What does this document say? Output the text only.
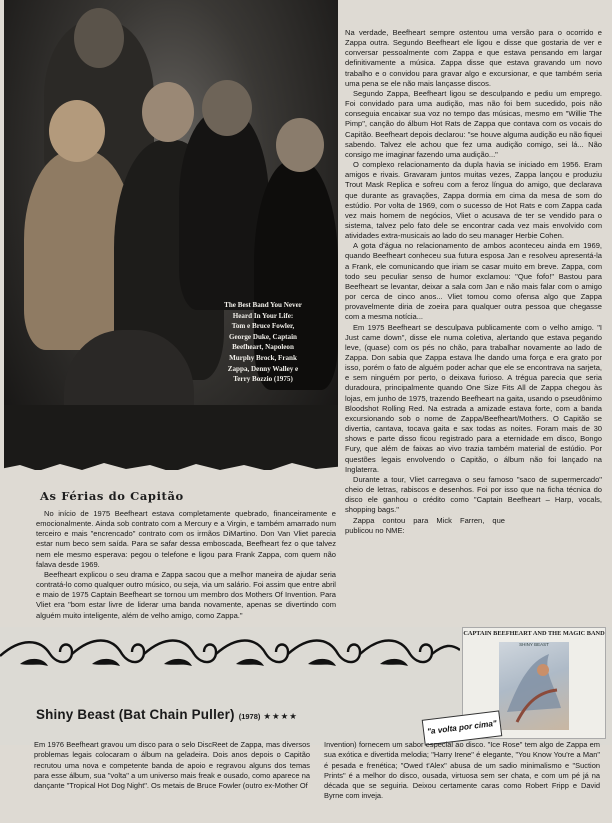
The Best Band You Never
Heard In Your Life:
Tom e Bruce Fowler,
George Duke, Captain
Beefheart, Napoleon
Murphy Brock, Frank
Zappa, Denny Walley e
Terry Bozzio (1975)

Na verdade, Beefheart sempre ostentou uma versão para o ocorrido e Zappa outra. Segundo Beefheart ele ligou e disse que gostaria de ver e conversar pessoalmente com Zappa e que estava pensando em largar definitivamente a música. Zappa disse que estava gravando um novo trabalho e o convidou para gravar algo e excursionar, e que também seria uma pena se ele não mais lançasse discos.

Segundo Zappa, Beefheart ligou se desculpando e pediu um emprego. Foi convidado para uma audição, mas não foi bem sucedido, pois não conseguia encaixar sua voz no tempo das músicas, mesmo em "Willie The Pimp", canção do álbum Hot Rats de Zappa que contava com os vocais do Capitão. Beefheart depois declarou: "se houve alguma audição eu não fiquei sabendo. Talvez ele achou que fez uma audição comigo, sei lá... Não consigo me imaginar fazendo uma audição..."

O complexo relacionamento da dupla havia se iniciado em 1956. Eram amigos e rivais. Gravaram juntos muitas vezes, Zappa lançou e produziu Trout Mask Replica e sofreu com a feroz língua do amigo, que declarava que durante as gravações, Zappa dormia em cima da mesa de som do estúdio. Por volta de 1969, com o sucesso de Hot Rats e com Zappa cada vez mais homem de negócios, Vliet o acusava de ter se vendido para o sistema, talvez pelo fato dele se encontrar cada vez mais envolvido com atividades extra-musicais ao lado do seu manager Herbie Cohen.

A gota d'água no relacionamento de ambos aconteceu ainda em 1969, quando Beefheart conheceu sua futura esposa Jan e resolveu apresentá-la a Frank, ele comunicando que iriam se casar muito em breve. Zappa, com todo seu peculiar senso de humor exclamou: "Que fofo!" Bastou para Beefheart se levantar, deixar a sala com Jan e não mais falar com o amigo por cerca de cinco anos... Vliet tomou como ofensa algo que Zappa provavelmente diria de zoeira para qualquer outra pessoa que chegasse com a mesma notícia...

Em 1975 Beefheart se desculpava publicamente com o velho amigo. "I Just came down", disse ele numa coletiva, alertando que estava pegando leve, (quase) com os pés no chão, para trabalhar novamente ao lado de Zappa. Don sabia que Zappa estava lhe dando uma força e era grato por isso, porém o fato de alguém poder achar que ele se encontrava na sarjeta, e sem ninguém por perto, o deixava furioso. A trégua parecia que seria duradoura, principalmente quando One Size Fits All de Zappa chegou às lojas, em junho de 1975, trazendo Beefheart na gaita, usando o pseudônimo Bloodshot Rolling Red. Na estrada a amizade estava forte, com a banda excursionando sob o nome de Zappa/Beefheart/Mothers. O Capitão se divertia, cantava, tocava gaita e sax todas as noites. Foram mais de 30 shows e parte disso ficou registrado para a eternidade em disco, Bongo Fury, que além de faixas ao vivo trazia também material de estúdio. Por questões legais envolvendo o Capitão, o álbum não foi lançado na Inglaterra.

Durante a tour, Vliet carregava o seu famoso "saco de supermercado" cheio de letras, rabiscos e desenhos. Foi por isso que na ficha técnica do disco ele ganhou o crédito como "Captain Beefheart – Harp, vocals, shopping bags."

Zappa contou para Mick Farren, que publicou no NME:

As Férias do Capitão

No início de 1975 Beefheart estava completamente quebrado, financeiramente e emocionalmente. Ainda sob contrato com a Mercury e a Virgin, e também amarrado num terceiro e mais "encrencado" contrato com os irmãos DiMartino. Don Van Vliet parecia estar num beco sem saída. Para se safar dessa emboscada, Beefheart fez o que talvez nem ele mesmo esperava: pegou o telefone e ligou para Frank Zappa, com quem não falava desde 1969.

Beefheart explicou o seu drama e Zappa sacou que a melhor maneira de ajudar seria contratá-lo como qualquer outro músico, ou seja, via um salário. Foi assim que entre abril e maio de 1975 Captain Beefheart se tornou um membro dos Mothers Of Invention. Para Vliet era "bom estar livre de liderar uma banda novamente, apenas se divertindo com alguém muito inteligente, além de velho amigo, como Zappa."

CAPTAIN BEEFHEART AND THE MAGIC BAND
SHINY BEAST
"a volta por cima"
Shiny Beast (Bat Chain Puller) (1978) ★★★★

Em 1976 Beefheart gravou um disco para o selo DiscReet de Zappa, mas diversos problemas legais colocaram o álbum na geladeira. Dois anos depois o Capitão recrutou uma nova e competente banda de apoio e regravou alguns dos temas para esse álbum, sua "volta" a um universo mais freak e ousado, como aparece na dançante "Tropical Hot Dog Night". Os metais de Bruce Fowler (outro ex-Mother Of

Invention) fornecem um sabor especial ao disco. "Ice Rose" tem algo de Zappa em sua exótica e divertida melodia; "Harry Irene" é elegante, "You Know You're a Man" é pesada e frenética; "Owed t'Alex" abusa de um sadio minimalismo e "Suction Prints" é a melhor do disco, ousada, virtuosa sem ser chata, e com um pé já na década que se seguiria. Deixou certamente caras como Robert Fripp e David Byrne com inveja.
